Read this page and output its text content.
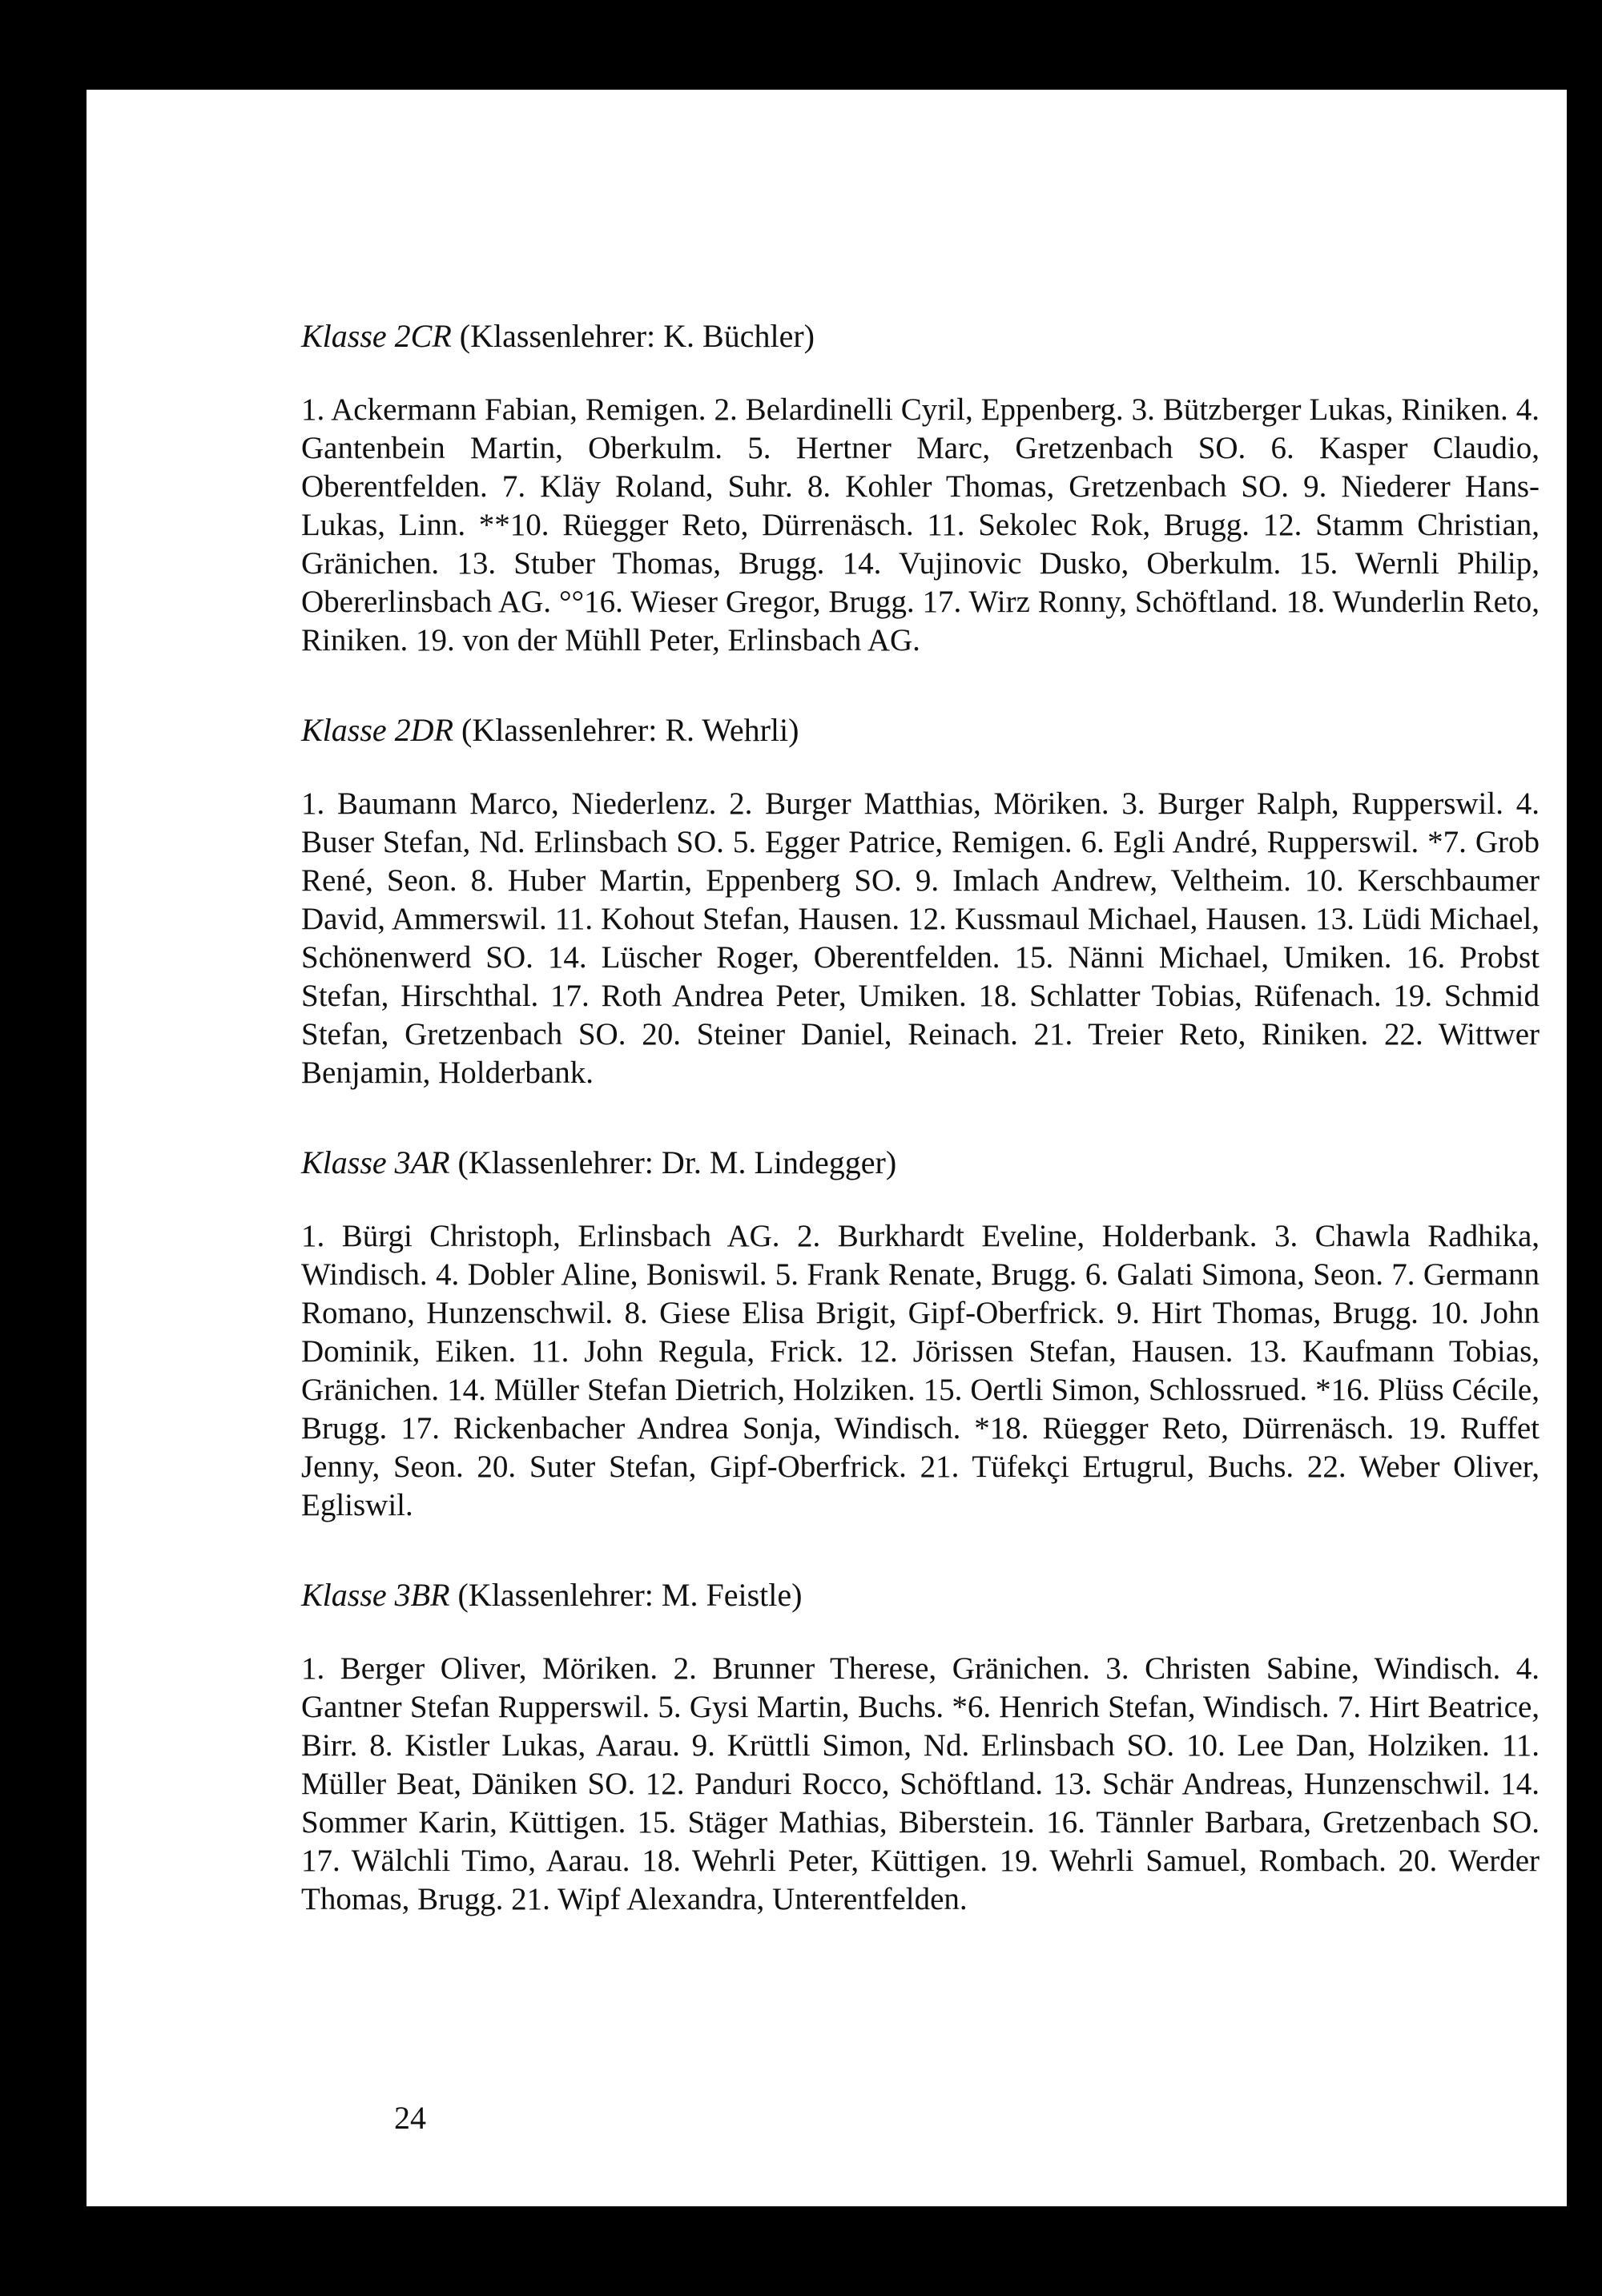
Klasse 2CR (Klassenlehrer: K. Büchler)

1. Ackermann Fabian, Remigen. 2. Belardinelli Cyril, Eppenberg. 3. Bützberger Lukas, Riniken. 4. Gantenbein Martin, Oberkulm. 5. Hertner Marc, Gretzenbach SO. 6. Kasper Claudio, Oberentfelden. 7. Kläy Roland, Suhr. 8. Kohler Thomas, Gretzenbach SO. 9. Niederer Hans-Lukas, Linn. **10. Rüegger Reto, Dürrenäsch. 11. Sekolec Rok, Brugg. 12. Stamm Christian, Gränichen. 13. Stuber Thomas, Brugg. 14. Vujinovic Dusko, Oberkulm. 15. Wernli Philip, Obererlinsbach AG. °°16. Wieser Gregor, Brugg. 17. Wirz Ronny, Schöftland. 18. Wunderlin Reto, Riniken. 19. von der Mühll Peter, Erlinsbach AG.

Klasse 2DR (Klassenlehrer: R. Wehrli)

1. Baumann Marco, Niederlenz. 2. Burger Matthias, Möriken. 3. Burger Ralph, Rupperswil. 4. Buser Stefan, Nd. Erlinsbach SO. 5. Egger Patrice, Remigen. 6. Egli André, Rupperswil. *7. Grob René, Seon. 8. Huber Martin, Eppenberg SO. 9. Imlach Andrew, Veltheim. 10. Kerschbaumer David, Ammerswil. 11. Kohout Stefan, Hausen. 12. Kussmaul Michael, Hausen. 13. Lüdi Michael, Schönenwerd SO. 14. Lüscher Roger, Oberentfelden. 15. Nänni Michael, Umiken. 16. Probst Stefan, Hirschthal. 17. Roth Andrea Peter, Umiken. 18. Schlatter Tobias, Rüfenach. 19. Schmid Stefan, Gretzenbach SO. 20. Steiner Daniel, Reinach. 21. Treier Reto, Riniken. 22. Wittwer Benjamin, Holderbank.

Klasse 3AR (Klassenlehrer: Dr. M. Lindegger)

1. Bürgi Christoph, Erlinsbach AG. 2. Burkhardt Eveline, Holderbank. 3. Chawla Radhika, Windisch. 4. Dobler Aline, Boniswil. 5. Frank Renate, Brugg. 6. Galati Simona, Seon. 7. Germann Romano, Hunzenschwil. 8. Giese Elisa Brigit, Gipf-Oberfrick. 9. Hirt Thomas, Brugg. 10. John Dominik, Eiken. 11. John Regula, Frick. 12. Jörissen Stefan, Hausen. 13. Kaufmann Tobias, Gränichen. 14. Müller Stefan Dietrich, Holziken. 15. Oertli Simon, Schlossrued. *16. Plüss Cécile, Brugg. 17. Rickenbacher Andrea Sonja, Windisch. *18. Rüegger Reto, Dürrenäsch. 19. Ruffet Jenny, Seon. 20. Suter Stefan, Gipf-Oberfrick. 21. Tüfekçi Ertugrul, Buchs. 22. Weber Oliver, Egliswil.

Klasse 3BR (Klassenlehrer: M. Feistle)

1. Berger Oliver, Möriken. 2. Brunner Therese, Gränichen. 3. Christen Sabine, Windisch. 4. Gantner Stefan Rupperswil. 5. Gysi Martin, Buchs. *6. Henrich Stefan, Windisch. 7. Hirt Beatrice, Birr. 8. Kistler Lukas, Aarau. 9. Krüttli Simon, Nd. Erlinsbach SO. 10. Lee Dan, Holziken. 11. Müller Beat, Däniken SO. 12. Panduri Rocco, Schöftland. 13. Schär Andreas, Hunzenschwil. 14. Sommer Karin, Küttigen. 15. Stäger Mathias, Biberstein. 16. Tännler Barbara, Gretzenbach SO. 17. Wälchli Timo, Aarau. 18. Wehrli Peter, Küttigen. 19. Wehrli Samuel, Rombach. 20. Werder Thomas, Brugg. 21. Wipf Alexandra, Unterentfelden.

24
